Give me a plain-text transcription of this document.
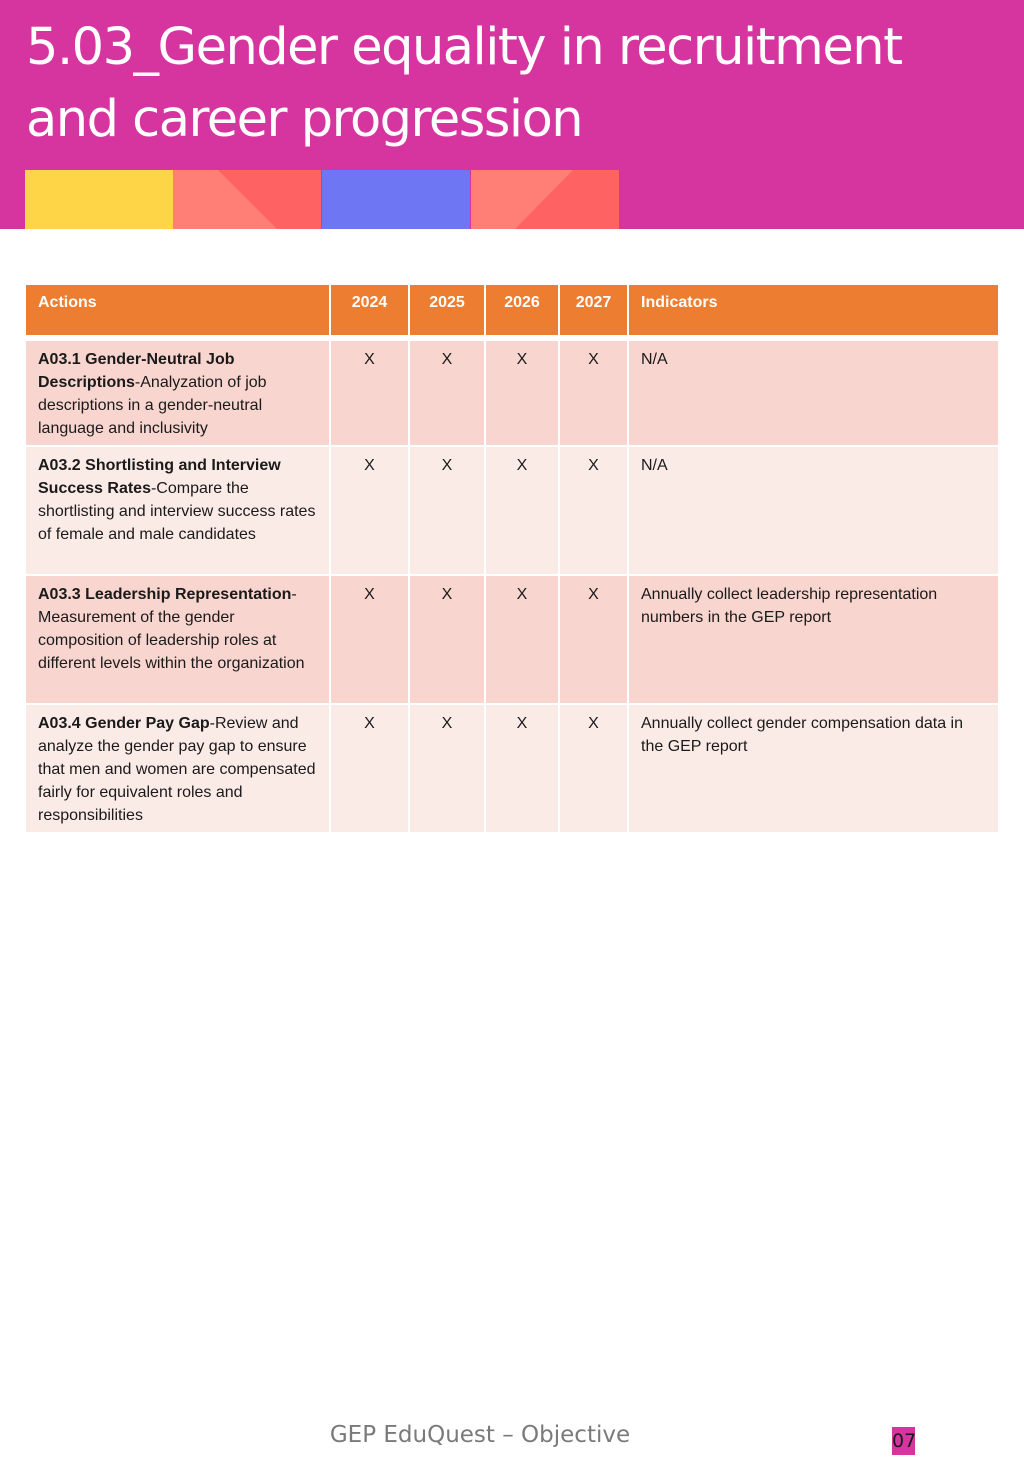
5.03_Gender equality in recruitment
and career progression
Actions	2024	2025	2026	2027	Indicators

A03.1 Gender-Neutral Job Descriptions-Analyzation of job descriptions in a gender-neutral language and inclusivity	X	X	X	X	N/A
A03.2 Shortlisting and Interview Success Rates-Compare the shortlisting and interview success rates of female and male candidates	X	X	X	X	N/A
A03.3 Leadership Representation-Measurement of the gender composition of leadership roles at different levels within the organization	X	X	X	X	Annually collect leadership representation numbers in the GEP report
A03.4 Gender Pay Gap-Review and analyze the gender pay gap to ensure that men and women are compensated fairly for equivalent roles and responsibilities	X	X	X	X	Annually collect gender compensation data in the GEP report
GEP EduQuest – Objective	07
